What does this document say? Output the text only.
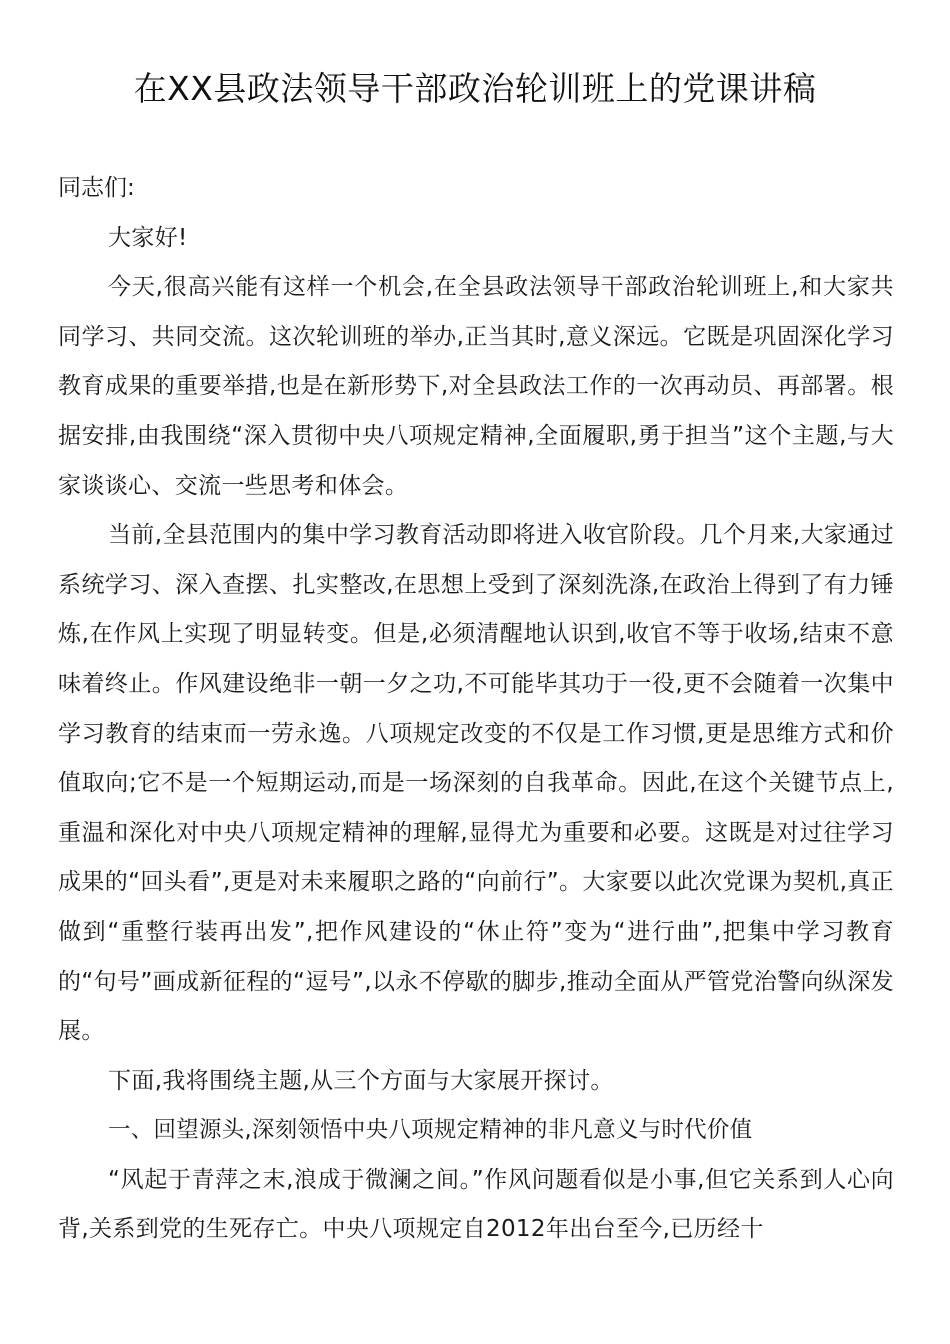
在XX县政法领导干部政治轮训班上的党课讲稿

同志们:

大家好!

今天,很高兴能有这样一个机会,在全县政法领导干部政治轮训班上,和大家共同学习、共同交流。这次轮训班的举办,正当其时,意义深远。它既是巩固深化学习教育成果的重要举措,也是在新形势下,对全县政法工作的一次再动员、再部署。根据安排,由我围绕“深入贯彻中央八项规定精神,全面履职,勇于担当”这个主题,与大家谈谈心、交流一些思考和体会。

当前,全县范围内的集中学习教育活动即将进入收官阶段。几个月来,大家通过系统学习、深入查摆、扎实整改,在思想上受到了深刻洗涤,在政治上得到了有力锤炼,在作风上实现了明显转变。但是,必须清醒地认识到,收官不等于收场,结束不意味着终止。作风建设绝非一朝一夕之功,不可能毕其功于一役,更不会随着一次集中学习教育的结束而一劳永逸。八项规定改变的不仅是工作习惯,更是思维方式和价值取向;它不是一个短期运动,而是一场深刻的自我革命。因此,在这个关键节点上,重温和深化对中央八项规定精神的理解,显得尤为重要和必要。这既是对过往学习成果的“回头看”,更是对未来履职之路的“向前行”。大家要以此次党课为契机,真正做到“重整行装再出发”,把作风建设的“休止符”变为“进行曲”,把集中学习教育的“句号”画成新征程的“逗号”,以永不停歇的脚步,推动全面从严管党治警向纵深发展。

下面,我将围绕主题,从三个方面与大家展开探讨。

一、回望源头,深刻领悟中央八项规定精神的非凡意义与时代价值

“风起于青萍之末,浪成于微澜之间。”作风问题看似是小事,但它关系到人心向背,关系到党的生死存亡。中央八项规定自2012年出台至今,已历经十
